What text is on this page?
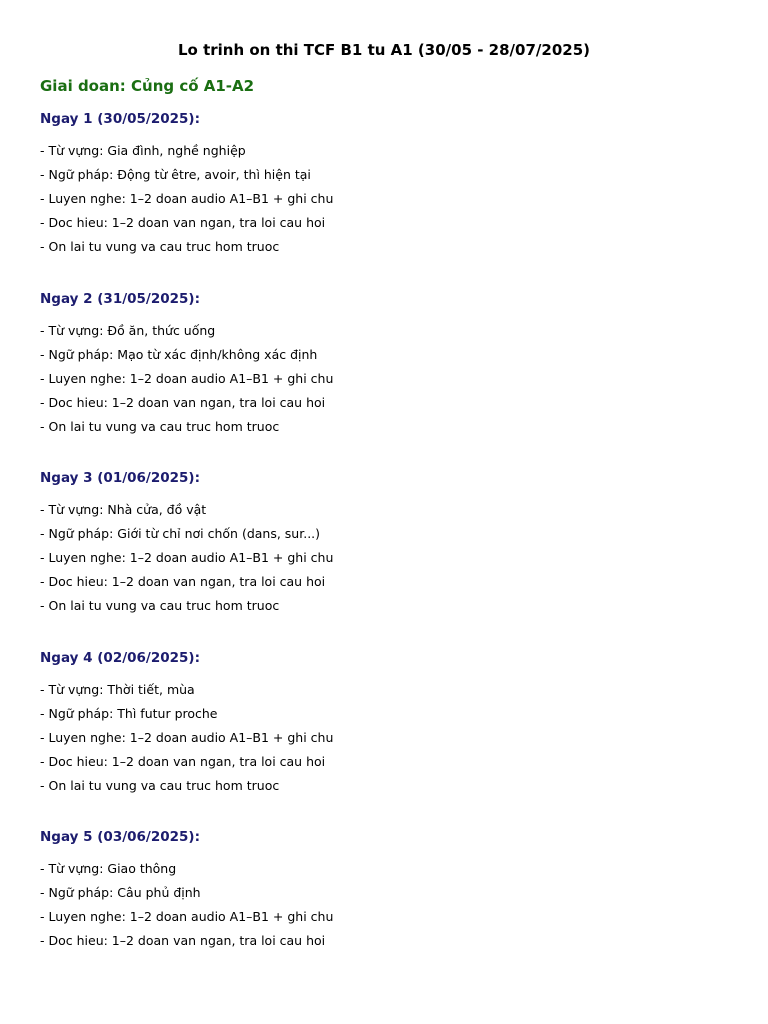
Lo trinh on thi TCF B1 tu A1 (30/05 - 28/07/2025)
Giai doan: Củng cố A1-A2
Ngay 1 (30/05/2025):
- Từ vựng: Gia đình, nghề nghiệp
- Ngữ pháp: Động từ être, avoir, thì hiện tại
- Luyen nghe: 1–2 doan audio A1–B1 + ghi chu
- Doc hieu: 1–2 doan van ngan, tra loi cau hoi
- On lai tu vung va cau truc hom truoc
Ngay 2 (31/05/2025):
- Từ vựng: Đồ ăn, thức uống
- Ngữ pháp: Mạo từ xác định/không xác định
- Luyen nghe: 1–2 doan audio A1–B1 + ghi chu
- Doc hieu: 1–2 doan van ngan, tra loi cau hoi
- On lai tu vung va cau truc hom truoc
Ngay 3 (01/06/2025):
- Từ vựng: Nhà cửa, đồ vật
- Ngữ pháp: Giới từ chỉ nơi chốn (dans, sur...)
- Luyen nghe: 1–2 doan audio A1–B1 + ghi chu
- Doc hieu: 1–2 doan van ngan, tra loi cau hoi
- On lai tu vung va cau truc hom truoc
Ngay 4 (02/06/2025):
- Từ vựng: Thời tiết, mùa
- Ngữ pháp: Thì futur proche
- Luyen nghe: 1–2 doan audio A1–B1 + ghi chu
- Doc hieu: 1–2 doan van ngan, tra loi cau hoi
- On lai tu vung va cau truc hom truoc
Ngay 5 (03/06/2025):
- Từ vựng: Giao thông
- Ngữ pháp: Câu phủ định
- Luyen nghe: 1–2 doan audio A1–B1 + ghi chu
- Doc hieu: 1–2 doan van ngan, tra loi cau hoi
